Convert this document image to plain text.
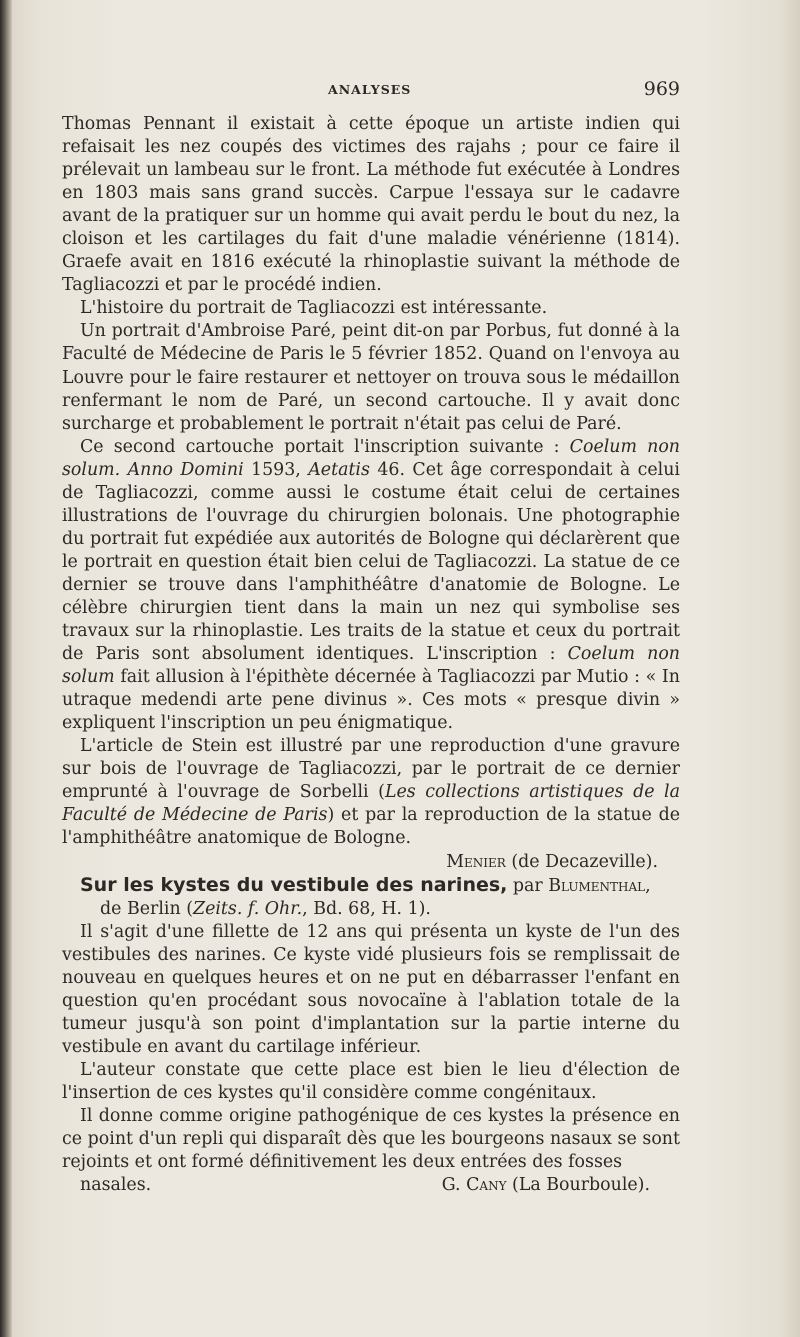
ANALYSES	969

Thomas Pennant il existait à cette époque un artiste indien qui refaisait les nez coupés des victimes des rajahs ; pour ce faire il prélevait un lambeau sur le front. La méthode fut exécutée à Londres en 1803 mais sans grand succès. Carpue l'essaya sur le cadavre avant de la pratiquer sur un homme qui avait perdu le bout du nez, la cloison et les cartilages du fait d'une maladie vénérienne (1814). Graefe avait en 1816 exécuté la rhinoplastie suivant la méthode de Tagliacozzi et par le procédé indien.

L'histoire du portrait de Tagliacozzi est intéressante.

Un portrait d'Ambroise Paré, peint dit-on par Porbus, fut donné à la Faculté de Médecine de Paris le 5 février 1852. Quand on l'envoya au Louvre pour le faire restaurer et nettoyer on trouva sous le médaillon renfermant le nom de Paré, un second cartouche. Il y avait donc surcharge et probablement le portrait n'était pas celui de Paré.

Ce second cartouche portait l'inscription suivante : Coelum non solum. Anno Domini 1593, Aetatis 46. Cet âge correspondait à celui de Tagliacozzi, comme aussi le costume était celui de certaines illustrations de l'ouvrage du chirurgien bolonais. Une photographie du portrait fut expédiée aux autorités de Bologne qui déclarèrent que le portrait en question était bien celui de Tagliacozzi. La statue de ce dernier se trouve dans l'amphithéâtre d'anatomie de Bologne. Le célèbre chirurgien tient dans la main un nez qui symbolise ses travaux sur la rhinoplastie. Les traits de la statue et ceux du portrait de Paris sont absolument identiques. L'inscription : Coelum non solum fait allusion à l'épithète décernée à Tagliacozzi par Mutio : « In utraque medendi arte pene divinus ». Ces mots « presque divin » expliquent l'inscription un peu énigmatique.

L'article de Stein est illustré par une reproduction d'une gravure sur bois de l'ouvrage de Tagliacozzi, par le portrait de ce dernier emprunté à l'ouvrage de Sorbelli (Les collections artistiques de la Faculté de Médecine de Paris) et par la reproduction de la statue de l'amphithéâtre anatomique de Bologne.

Menier (de Decazeville).

Sur les kystes du vestibule des narines, par Blumenthal,

de Berlin (Zeits. f. Ohr., Bd. 68, H. 1).

Il s'agit d'une fillette de 12 ans qui présenta un kyste de l'un des vestibules des narines. Ce kyste vidé plusieurs fois se remplissait de nouveau en quelques heures et on ne put en débarrasser l'enfant en question qu'en procédant sous novocaïne à l'ablation totale de la tumeur jusqu'à son point d'implantation sur la partie interne du vestibule en avant du cartilage inférieur.

L'auteur constate que cette place est bien le lieu d'élection de l'insertion de ces kystes qu'il considère comme congénitaux.

Il donne comme origine pathogénique de ces kystes la présence en ce point d'un repli qui disparaît dès que les bourgeons nasaux se sont rejoints et ont formé définitivement les deux entrées des fosses

nasales.	G. Cany (La Bourboule).
